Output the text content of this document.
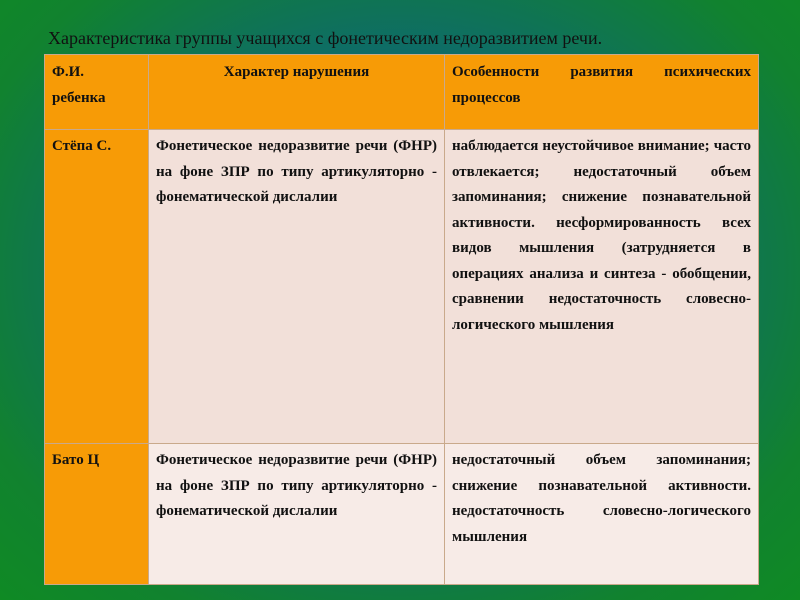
Характеристика группы учащихся с фонетическим недоразвитием речи.
Ф.И. ребенка	Характер нарушения	Особенности развития психических процессов
Стёпа С.	Фонетическое недоразвитие речи (ФНР) на фоне ЗПР по типу артикуляторно - фонематической дислалии	наблюдается неустойчивое внимание; часто отвлекается; недостаточный объем запоминания; снижение познавательной активности. несформированность всех видов мышления (затрудняется в операциях анализа и синтеза - обобщении, сравнении недостаточность словесно-логического мышления
Бато Ц	Фонетическое недоразвитие речи (ФНР) на фоне ЗПР по типу артикуляторно - фонематической дислалии	недостаточный объем запоминания; снижение познавательной активности. недостаточность словесно-логического мышления
